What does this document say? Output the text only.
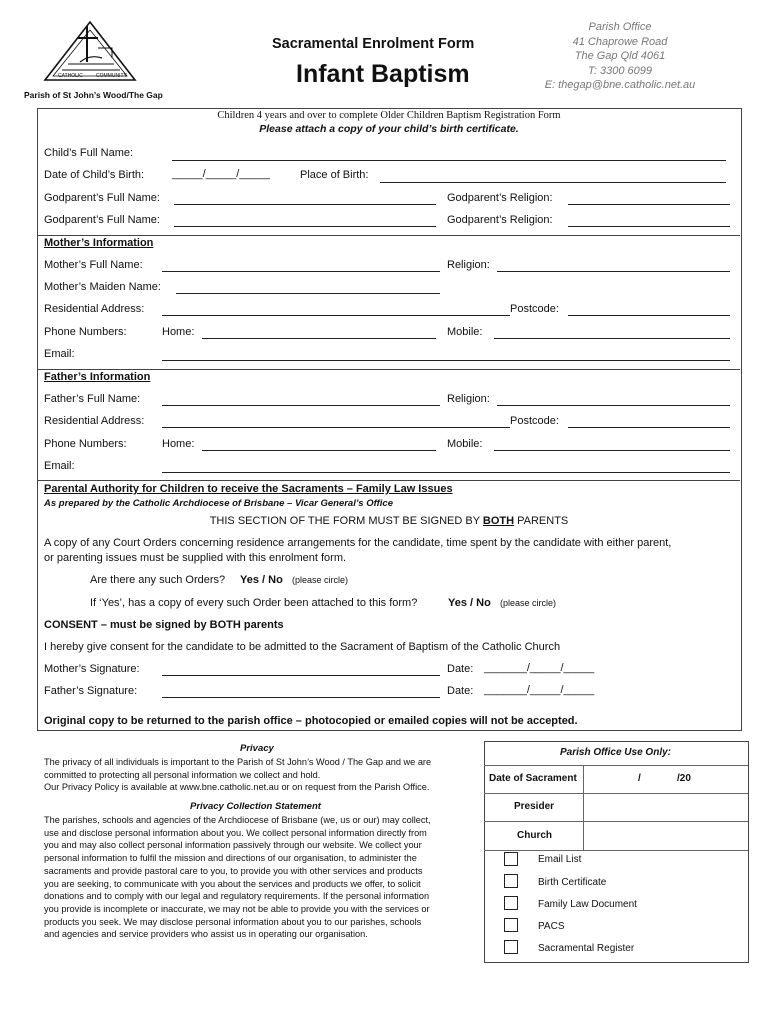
CATHOLIC	COMMUNITY
Parish of St John’s Wood/The Gap
Sacramental Enrolment Form
Infant Baptism
Parish Office
41 Chaprowe Road
The Gap Qld 4061
T: 3300 6099
E: thegap@bne.catholic.net.au
Children 4 years and over to complete Older Children Baptism Registration Form
Please attach a copy of your child’s birth certificate.
Child’s Full Name:
Date of Child’s Birth:	_____/_____/_____	Place of Birth:
Godparent’s Full Name:	Godparent’s Religion:
Godparent’s Full Name:	Godparent’s Religion:
Mother’s Information
Mother’s Full Name:	Religion:
Mother’s Maiden Name:
Residential Address:	Postcode:
Phone Numbers:	Home:	Mobile:
Email:
Father’s Information
Father’s Full Name:	Religion:
Residential Address:	Postcode:
Phone Numbers:	Home:	Mobile:
Email:
Parental Authority for Children to receive the Sacraments – Family Law Issues
As prepared by the Catholic Archdiocese of Brisbane – Vicar General’s Office
THIS SECTION OF THE FORM MUST BE SIGNED BY BOTH PARENTS
A copy of any Court Orders concerning residence arrangements for the candidate, time spent by the candidate with either parent,
or parenting issues must be supplied with this enrolment form.
Are there any such Orders? Yes / No (please circle)
If ‘Yes’, has a copy of every such Order been attached to this form?	Yes / No (please circle)
CONSENT – must be signed by BOTH parents
I hereby give consent for the candidate to be admitted to the Sacrament of Baptism of the Catholic Church
Mother’s Signature:	Date: _______/_____/_____
Father’s Signature:	Date: _______/_____/_____
Original copy to be returned to the parish office – photocopied or emailed copies will not be accepted.
Privacy
The privacy of all individuals is important to the Parish of St John’s Wood / The Gap and we are
committed to protecting all personal information we collect and hold.
Our Privacy Policy is available at www.bne.catholic.net.au or on request from the Parish Office.
Privacy Collection Statement
The parishes, schools and agencies of the Archdiocese of Brisbane (we, us or our) may collect,
use and disclose personal information about you. We collect personal information directly from
you and may also collect personal information passively through our website. We collect your
personal information to fulfil the mission and directions of our organisation, to administer the
sacraments and provide pastoral care to you, to provide you with other services and products
you are seeking, to communicate with you about the services and products we offer, to solicit
donations and to comply with our legal and regulatory requirements. If the personal information
you provide is incomplete or inaccurate, we may not be able to provide you with the services or
products you seek. We may disclose personal information about you to our parishes, schools
and agencies and service providers who assist us in operating our organisation.
Parish Office Use Only:
Date of Sacrament	/	/20
Presider
Church
Email List
Birth Certificate
Family Law Document
PACS
Sacramental Register
